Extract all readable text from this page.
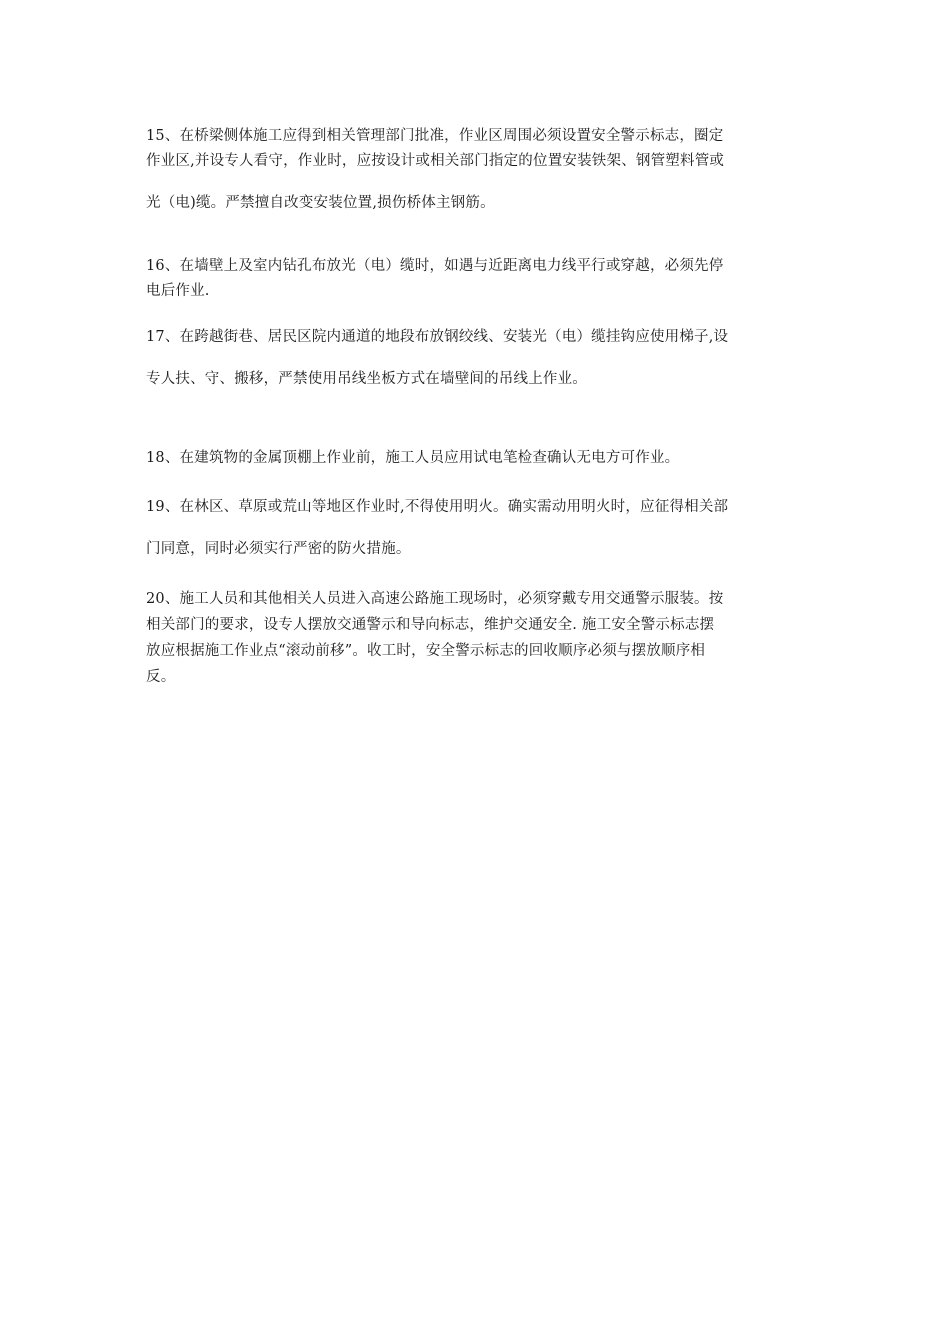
15、在桥梁侧体施工应得到相关管理部门批准，作业区周围必须设置安全警示标志，圈定
作业区,并设专人看守，作业时，应按设计或相关部门指定的位置安装铁架、钢管塑料管或
光（电)缆。严禁擅自改变安装位置,损伤桥体主钢筋。

16、在墙壁上及室内钻孔布放光（电）缆时，如遇与近距离电力线平行或穿越，必须先停
电后作业.

17、在跨越街巷、居民区院内通道的地段布放钢绞线、安装光（电）缆挂钩应使用梯子,设
专人扶、守、搬移，严禁使用吊线坐板方式在墙壁间的吊线上作业。

18、在建筑物的金属顶棚上作业前，施工人员应用试电笔检查确认无电方可作业。

19、在林区、草原或荒山等地区作业时,不得使用明火。确实需动用明火时，应征得相关部
门同意，同时必须实行严密的防火措施。

20、施工人员和其他相关人员进入高速公路施工现场时，必须穿戴专用交通警示服装。按
相关部门的要求，设专人摆放交通警示和导向标志，维护交通安全. 施工安全警示标志摆
放应根据施工作业点“滚动前移”。收工时，安全警示标志的回收顺序必须与摆放顺序相
反。
